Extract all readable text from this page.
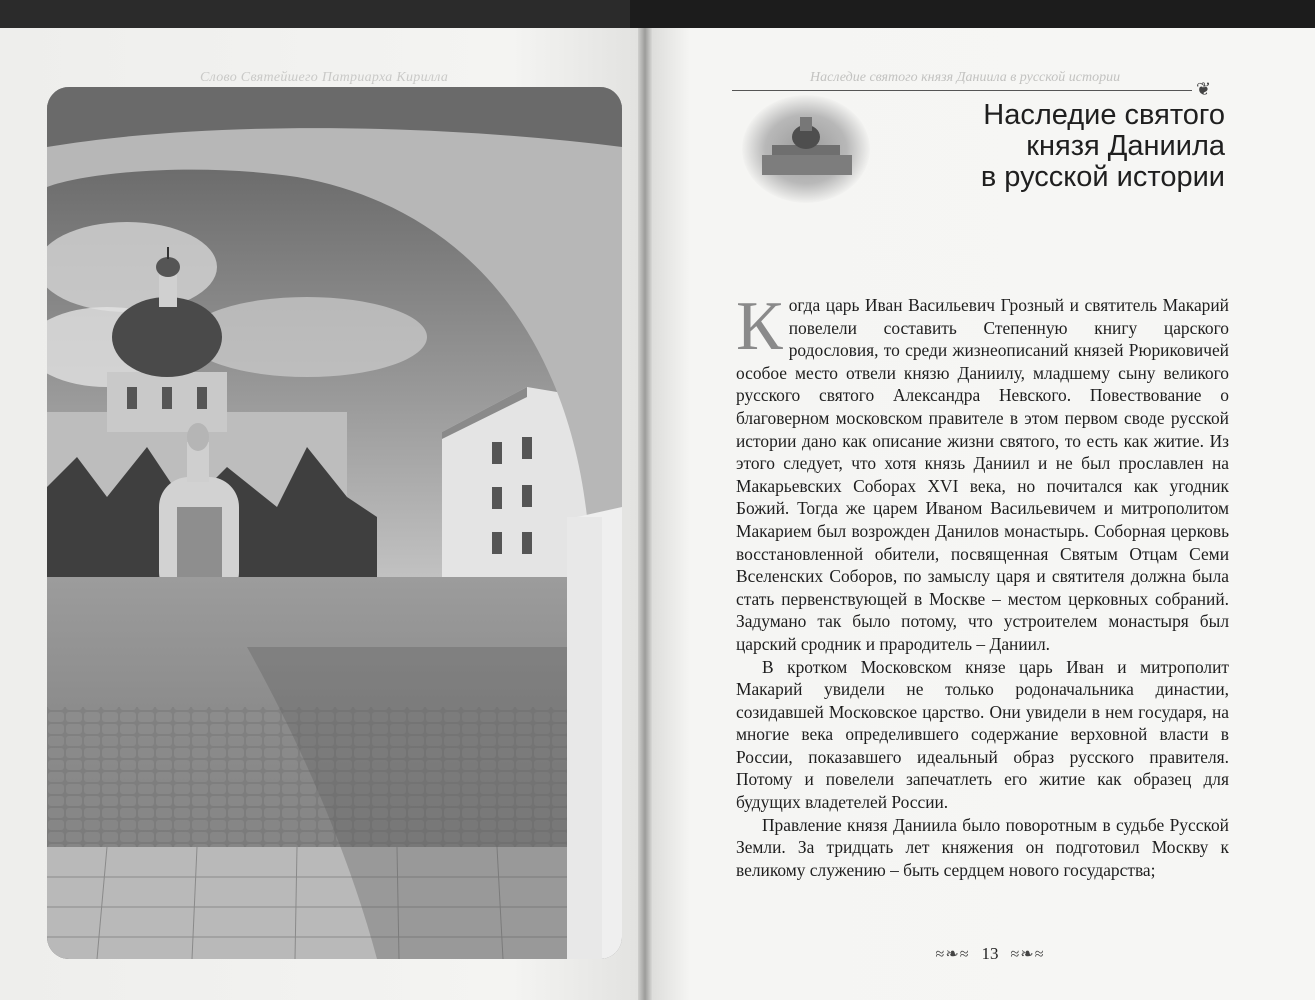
Слово Святейшего Патриарха Кирилла	Наследие святого князя Даниила в русской истории
❦
Наследие святого
князя Даниила
в русской истории

Когда царь Иван Васильевич Грозный и святитель Макарий повелели составить Степенную книгу царского родословия, то среди жизнеописаний князей Рюриковичей особое место отвели князю Даниилу, младшему сыну великого русского святого Александра Невского. Повествование о благоверном московском правителе в этом первом своде русской истории дано как описание жизни святого, то есть как житие. Из этого следует, что хотя князь Даниил и не был прославлен на Макарьевских Соборах XVI века, но почитался как угодник Божий. Тогда же царем Иваном Васильевичем и митрополитом Макарием был возрожден Данилов монастырь. Соборная церковь восстановленной обители, посвященная Святым Отцам Семи Вселенских Соборов, по замыслу царя и святителя должна была стать первенствующей в Москве – местом церковных собраний. Задумано так было потому, что устроителем монастыря был царский сродник и прародитель – Даниил.

В кротком Московском князе царь Иван и митрополит Макарий увидели не только родоначальника династии, созидавшей Московское царство. Они увидели в нем государя, на многие века определившего содержание верховной власти в России, показавшего идеальный образ русского правителя. Потому и повелели запечатлеть его житие как образец для будущих владетелей России.

Правление князя Даниила было поворотным в судьбе Русской Земли. За тридцать лет княжения он подготовил Москву к великому служению – быть сердцем нового государства;

≈❧≈ 13 ≈❧≈
